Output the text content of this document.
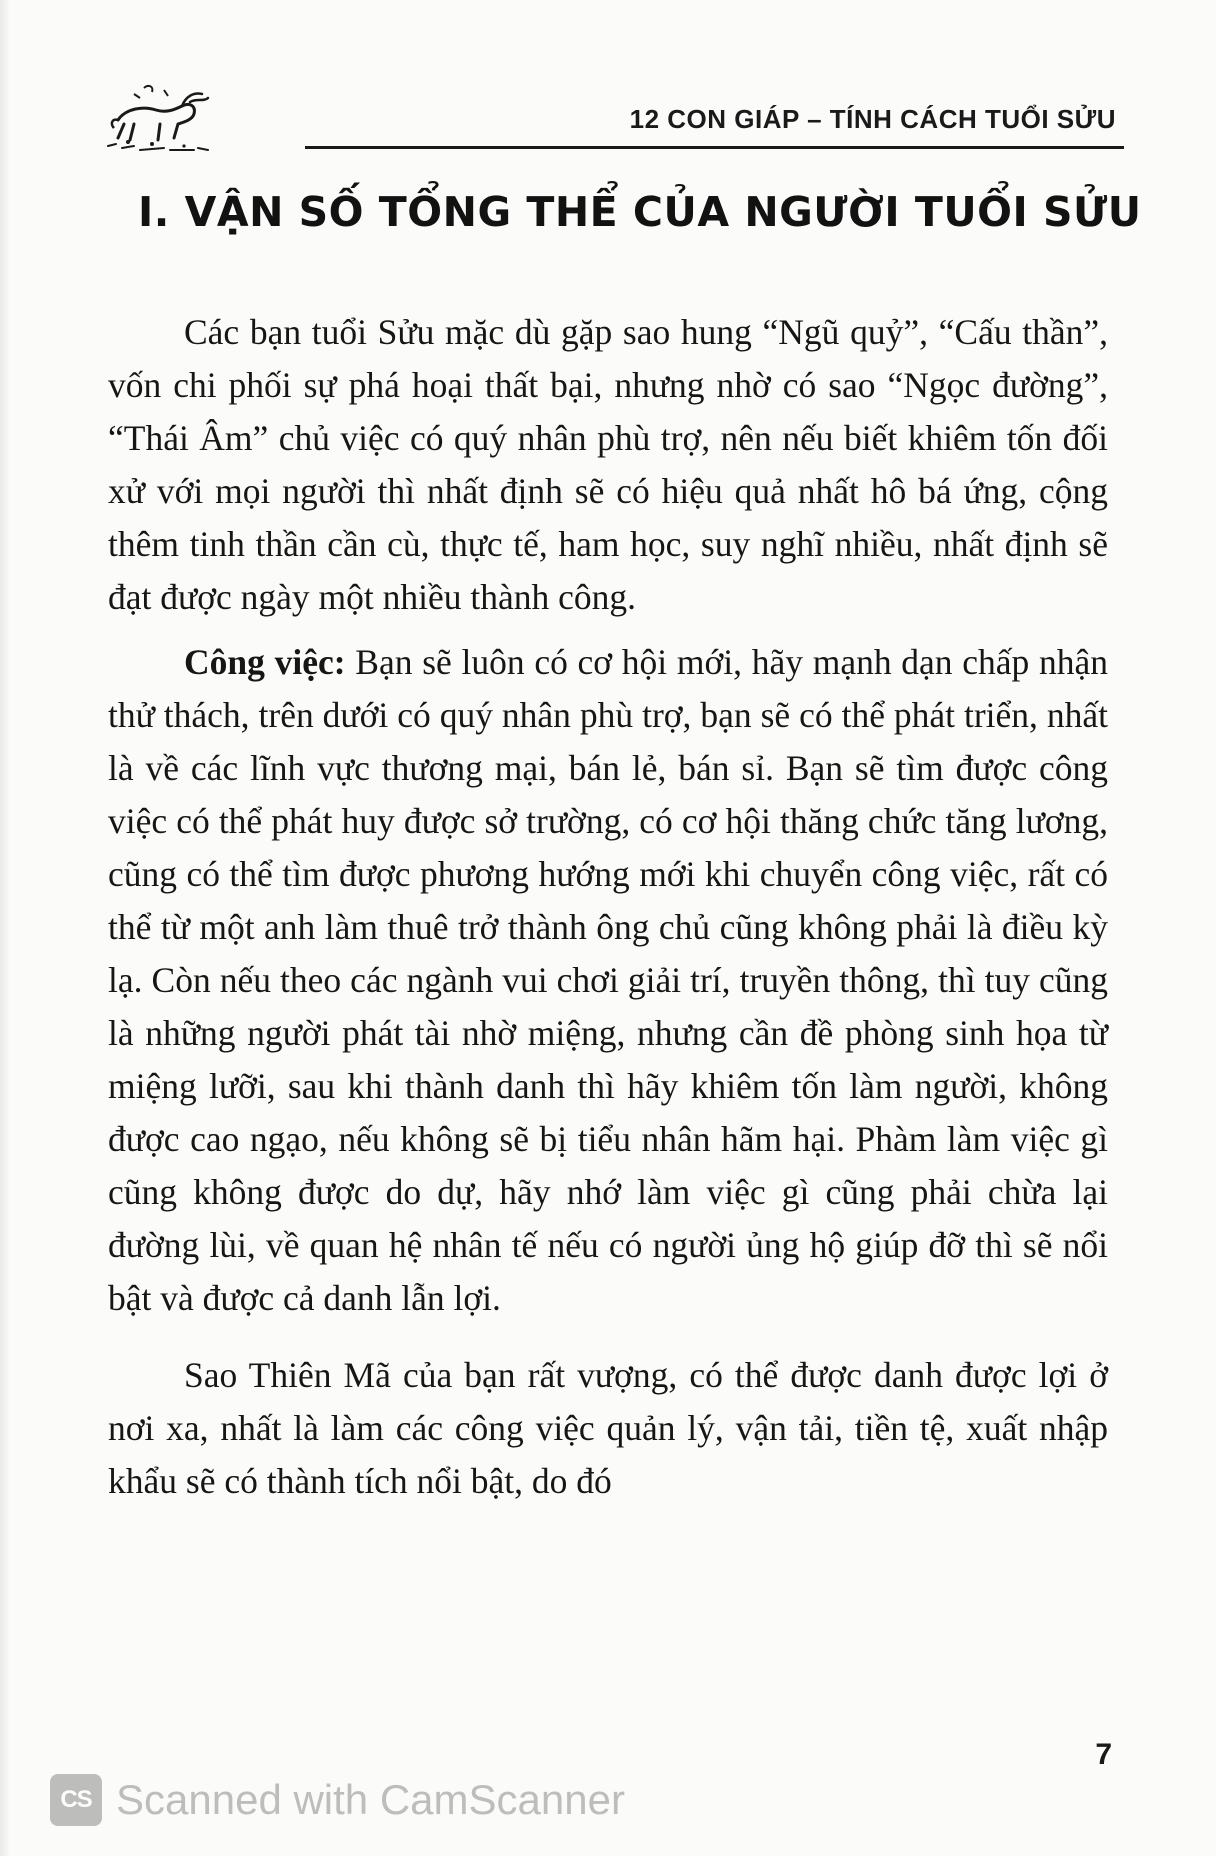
12 CON GIÁP – TÍNH CÁCH TUỔI SỬU
I. VẬN SỐ TỔNG THỂ CỦA NGƯỜI TUỔI SỬU

Các bạn tuổi Sửu mặc dù gặp sao hung “Ngũ quỷ”, “Cấu thần”, vốn chi phối sự phá hoại thất bại, nhưng nhờ có sao “Ngọc đường”, “Thái Âm” chủ việc có quý nhân phù trợ, nên nếu biết khiêm tốn đối xử với mọi người thì nhất định sẽ có hiệu quả nhất hô bá ứng, cộng thêm tinh thần cần cù, thực tế, ham học, suy nghĩ nhiều, nhất định sẽ đạt được ngày một nhiều thành công.

Công việc: Bạn sẽ luôn có cơ hội mới, hãy mạnh dạn chấp nhận thử thách, trên dưới có quý nhân phù trợ, bạn sẽ có thể phát triển, nhất là về các lĩnh vực thương mại, bán lẻ, bán sỉ. Bạn sẽ tìm được công việc có thể phát huy được sở trường, có cơ hội thăng chức tăng lương, cũng có thể tìm được phương hướng mới khi chuyển công việc, rất có thể từ một anh làm thuê trở thành ông chủ cũng không phải là điều kỳ lạ. Còn nếu theo các ngành vui chơi giải trí, truyền thông, thì tuy cũng là những người phát tài nhờ miệng, nhưng cần đề phòng sinh họa từ miệng lưỡi, sau khi thành danh thì hãy khiêm tốn làm người, không được cao ngạo, nếu không sẽ bị tiểu nhân hãm hại. Phàm làm việc gì cũng không được do dự, hãy nhớ làm việc gì cũng phải chừa lại đường lùi, về quan hệ nhân tế nếu có người ủng hộ giúp đỡ thì sẽ nổi bật và được cả danh lẫn lợi.

Sao Thiên Mã của bạn rất vượng, có thể được danh được lợi ở nơi xa, nhất là làm các công việc quản lý, vận tải, tiền tệ, xuất nhập khẩu sẽ có thành tích nổi bật, do đó

7
CS Scanned with CamScanner
